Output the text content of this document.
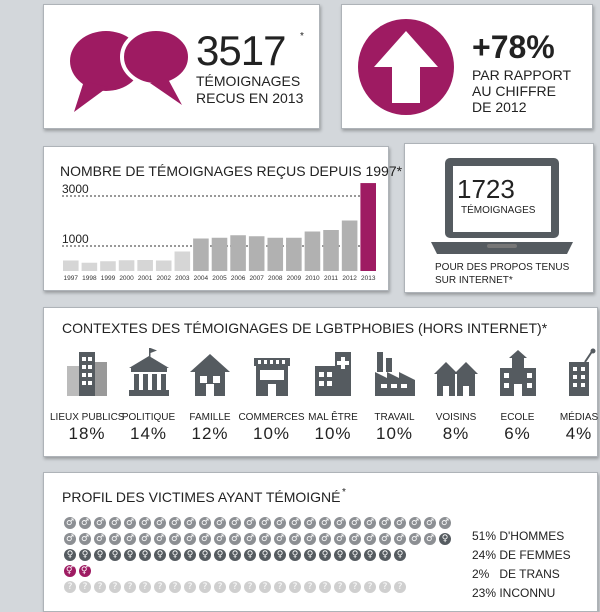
3517 *
TÉMOIGNAGES
RECUS EN 2013
+78%
PAR RAPPORT
AU CHIFFRE
DE 2012
NOMBRE DE TÉMOIGNAGES REÇUS DEPUIS 1997*
3000
1000
1997 1998 1999 2000 2001 2002 2003 2004 2005 2006 2007 2008 2009 2010 2011 2012 2013
1723
TÉMOIGNAGES
POUR DES PROPOS TENUS
SUR INTERNET*
CONTEXTES DES TÉMOIGNAGES DE LGBTPHOBIES (HORS INTERNET)*
LIEUX PUBLICS
18%
POLITIQUE
14%
FAMILLE
12%
COMMERCES
10%
MAL ÊTRE
10%
TRAVAIL
10%
VOISINS
8%
ECOLE
6%
MÉDIAS
4%
PROFIL DES VICTIMES AYANT TÉMOIGNÉ *
♂ ♂ ♂ ♂ ♂ ♂ ♂ ♂ ♂ ♂ ♂ ♂ ♂ ♂ ♂ ♂ ♂ ♂ ♂ ♂ ♂ ♂ ♂ ♂ ♂ ♂
♂ ♂ ♂ ♂ ♂ ♂ ♂ ♂ ♂ ♂ ♂ ♂ ♂ ♂ ♂ ♂ ♂ ♂ ♂ ♂ ♂ ♂ ♂ ♂ ♂ ♀
♀ ♀ ♀ ♀ ♀ ♀ ♀ ♀ ♀ ♀ ♀ ♀ ♀ ♀ ♀ ♀ ♀ ♀ ♀ ♀ ♀ ♀ ♀
⚥ ⚥
?	?	?	?	?	?	?	?	?	?	?	?	?	?	?	?	?	?	?	?	?	?	?
51% D'HOMMES
24% DE FEMMES
2%   DE TRANS
23% INCONNU
